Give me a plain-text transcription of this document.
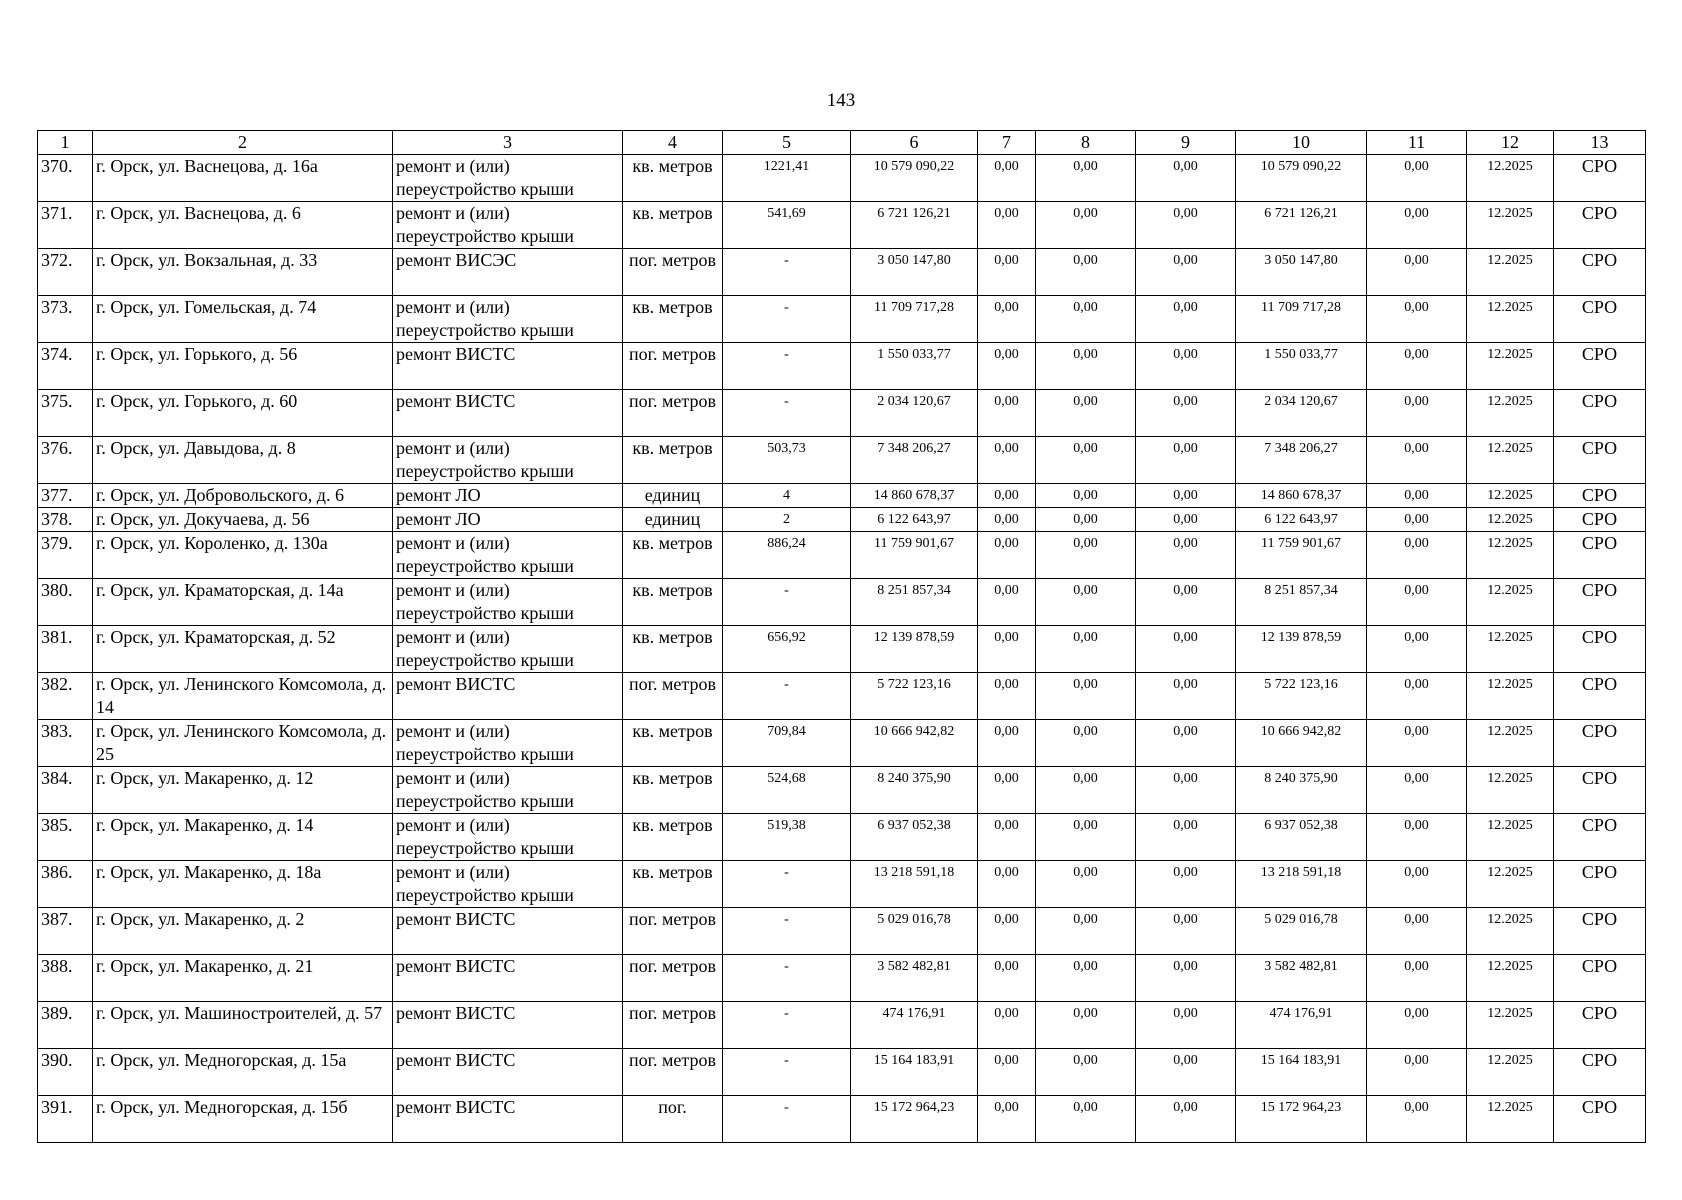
143
1	2	3	4	5	6	7	8	9	10	11	12	13
370.	г. Орск, ул. Васнецова, д. 16а	ремонт и (или) переустройство крыши	кв. метров	1221,41	10 579 090,22	0,00	0,00	0,00	10 579 090,22	0,00	12.2025	СРО
371.	г. Орск, ул. Васнецова, д. 6	ремонт и (или) переустройство крыши	кв. метров	541,69	6 721 126,21	0,00	0,00	0,00	6 721 126,21	0,00	12.2025	СРО
372.	г. Орск, ул. Вокзальная, д. 33	ремонт ВИСЭС	пог. метров	-	3 050 147,80	0,00	0,00	0,00	3 050 147,80	0,00	12.2025	СРО
373.	г. Орск, ул. Гомельская, д. 74	ремонт и (или) переустройство крыши	кв. метров	-	11 709 717,28	0,00	0,00	0,00	11 709 717,28	0,00	12.2025	СРО
374.	г. Орск, ул. Горького, д. 56	ремонт ВИСТС	пог. метров	-	1 550 033,77	0,00	0,00	0,00	1 550 033,77	0,00	12.2025	СРО
375.	г. Орск, ул. Горького, д. 60	ремонт ВИСТС	пог. метров	-	2 034 120,67	0,00	0,00	0,00	2 034 120,67	0,00	12.2025	СРО
376.	г. Орск, ул. Давыдова, д. 8	ремонт и (или) переустройство крыши	кв. метров	503,73	7 348 206,27	0,00	0,00	0,00	7 348 206,27	0,00	12.2025	СРО
377.	г. Орск, ул. Добровольского, д. 6	ремонт ЛО	единиц	4	14 860 678,37	0,00	0,00	0,00	14 860 678,37	0,00	12.2025	СРО
378.	г. Орск, ул. Докучаева, д. 56	ремонт ЛО	единиц	2	6 122 643,97	0,00	0,00	0,00	6 122 643,97	0,00	12.2025	СРО
379.	г. Орск, ул. Короленко, д. 130а	ремонт и (или) переустройство крыши	кв. метров	886,24	11 759 901,67	0,00	0,00	0,00	11 759 901,67	0,00	12.2025	СРО
380.	г. Орск, ул. Краматорская, д. 14а	ремонт и (или) переустройство крыши	кв. метров	-	8 251 857,34	0,00	0,00	0,00	8 251 857,34	0,00	12.2025	СРО
381.	г. Орск, ул. Краматорская, д. 52	ремонт и (или) переустройство крыши	кв. метров	656,92	12 139 878,59	0,00	0,00	0,00	12 139 878,59	0,00	12.2025	СРО
382.	г. Орск, ул. Ленинского Комсомола, д. 14	ремонт ВИСТС	пог. метров	-	5 722 123,16	0,00	0,00	0,00	5 722 123,16	0,00	12.2025	СРО
383.	г. Орск, ул. Ленинского Комсомола, д. 25	ремонт и (или) переустройство крыши	кв. метров	709,84	10 666 942,82	0,00	0,00	0,00	10 666 942,82	0,00	12.2025	СРО
384.	г. Орск, ул. Макаренко, д. 12	ремонт и (или) переустройство крыши	кв. метров	524,68	8 240 375,90	0,00	0,00	0,00	8 240 375,90	0,00	12.2025	СРО
385.	г. Орск, ул. Макаренко, д. 14	ремонт и (или) переустройство крыши	кв. метров	519,38	6 937 052,38	0,00	0,00	0,00	6 937 052,38	0,00	12.2025	СРО
386.	г. Орск, ул. Макаренко, д. 18а	ремонт и (или) переустройство крыши	кв. метров	-	13 218 591,18	0,00	0,00	0,00	13 218 591,18	0,00	12.2025	СРО
387.	г. Орск, ул. Макаренко, д. 2	ремонт ВИСТС	пог. метров	-	5 029 016,78	0,00	0,00	0,00	5 029 016,78	0,00	12.2025	СРО
388.	г. Орск, ул. Макаренко, д. 21	ремонт ВИСТС	пог. метров	-	3 582 482,81	0,00	0,00	0,00	3 582 482,81	0,00	12.2025	СРО
389.	г. Орск, ул. Машиностроителей, д. 57	ремонт ВИСТС	пог. метров	-	474 176,91	0,00	0,00	0,00	474 176,91	0,00	12.2025	СРО
390.	г. Орск, ул. Медногорская, д. 15а	ремонт ВИСТС	пог. метров	-	15 164 183,91	0,00	0,00	0,00	15 164 183,91	0,00	12.2025	СРО
391.	г. Орск, ул. Медногорская, д. 15б	ремонт ВИСТС	пог.	-	15 172 964,23	0,00	0,00	0,00	15 172 964,23	0,00	12.2025	СРО
